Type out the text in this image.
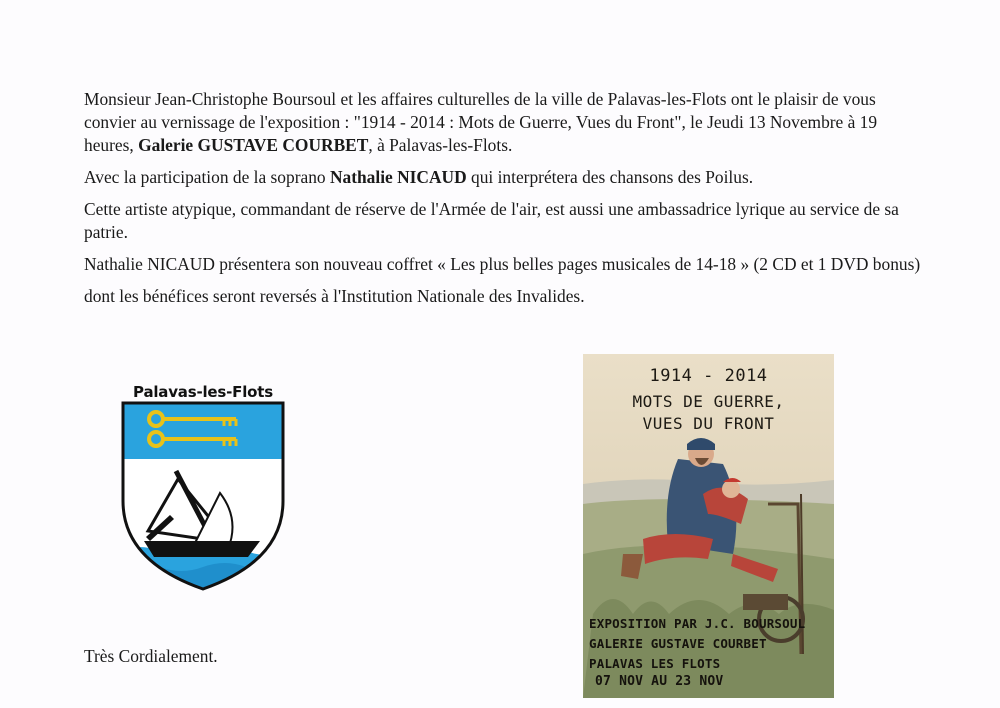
Monsieur Jean-Christophe Boursoul et les affaires culturelles de la ville de Palavas-les-Flots ont le plaisir de vous convier au vernissage de l'exposition : "1914 - 2014 : Mots de Guerre, Vues du Front", le Jeudi 13 Novembre à 19 heures, Galerie GUSTAVE COURBET, à Palavas-les-Flots.

Avec la participation de la soprano Nathalie NICAUD qui interprétera des chansons des Poilus.

Cette artiste atypique, commandant de réserve de l'Armée de l'air, est aussi une ambassadrice lyrique au service de sa patrie.

Nathalie NICAUD présentera son nouveau coffret « Les plus belles pages musicales de 14-18 » (2 CD et 1 DVD bonus)

dont les bénéfices seront reversés à l'Institution Nationale des Invalides.

Palavas-les-Flots
1914 - 2014
MOTS DE GUERRE,
VUES DU FRONT
EXPOSITION PAR J.C. BOURSOUL
GALERIE GUSTAVE COURBET
PALAVAS LES FLOTS
07 NOV AU 23 NOV
Très Cordialement.
